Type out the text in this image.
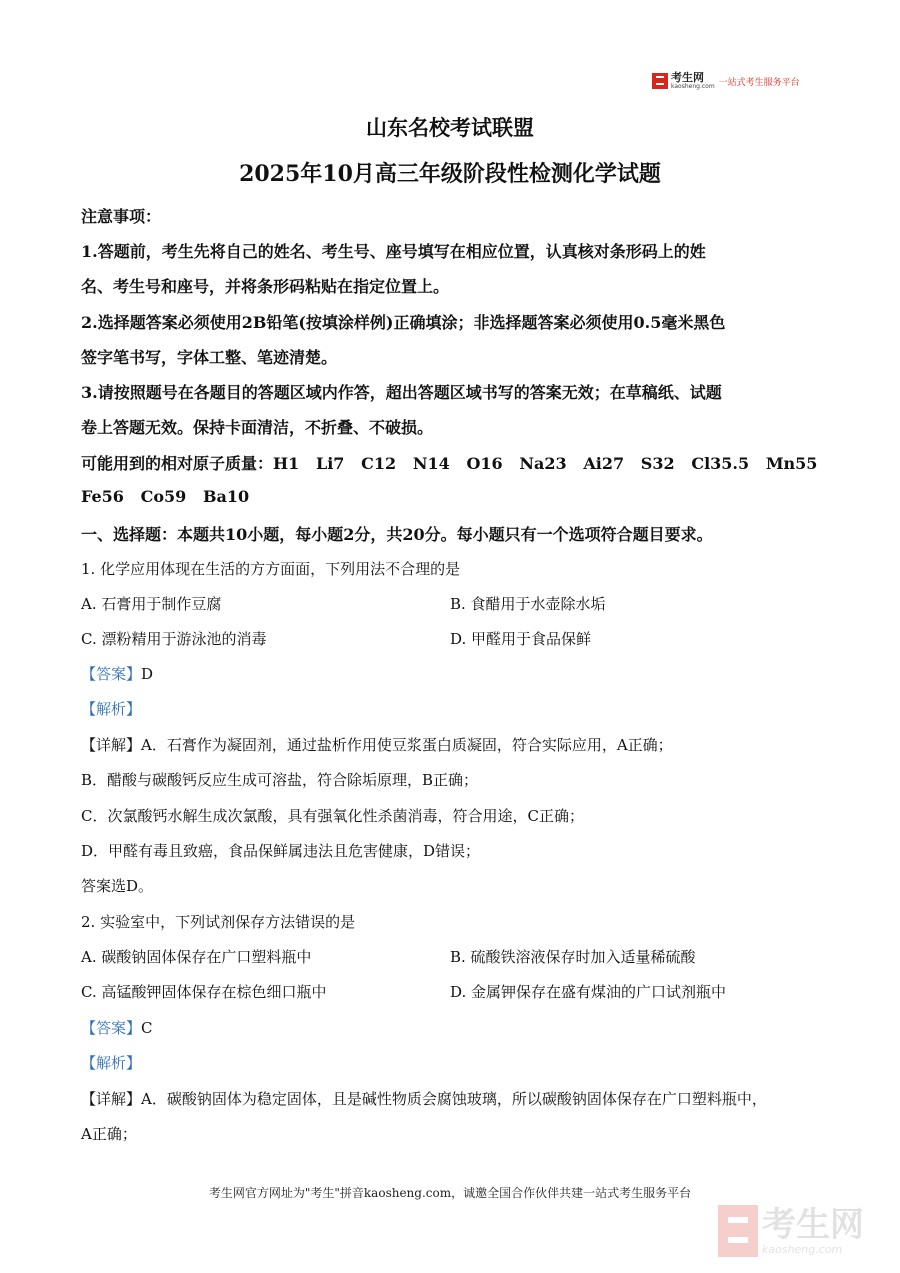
考生网
kaosheng.com 一站式考生服务平台
山东名校考试联盟
2025年10月高三年级阶段性检测化学试题
注意事项：
1.答题前，考生先将自己的姓名、考生号、座号填写在相应位置，认真核对条形码上的姓
名、考生号和座号，并将条形码粘贴在指定位置上。
2.选择题答案必须使用2B铅笔(按填涂样例)正确填涂；非选择题答案必须使用0.5毫米黑色
签字笔书写，字体工整、笔迹清楚。
3.请按照题号在各题目的答题区域内作答，超出答题区域书写的答案无效；在草稿纸、试题
卷上答题无效。保持卡面清洁，不折叠、不破损。
可能用到的相对原子质量：H1   Li7   C12   N14   O16   Na23   Ai27   S32   Cl35.5   Mn55
Fe56   Co59   Ba10
一、选择题：本题共10小题，每小题2分，共20分。每小题只有一个选项符合题目要求。
1. 化学应用体现在生活的方方面面，下列用法不合理的是
A. 石膏用于制作豆腐	B. 食醋用于水壶除水垢
C. 漂粉精用于游泳池的消毒	D. 甲醛用于食品保鲜
【答案】D
【解析】
【详解】A．石膏作为凝固剂，通过盐析作用使豆浆蛋白质凝固，符合实际应用，A正确；
B．醋酸与碳酸钙反应生成可溶盐，符合除垢原理，B正确；
C．次氯酸钙水解生成次氯酸，具有强氧化性杀菌消毒，符合用途，C正确；
D．甲醛有毒且致癌，食品保鲜属违法且危害健康，D错误；
答案选D。
2. 实验室中，下列试剂保存方法错误的是
A. 碳酸钠固体保存在广口塑料瓶中	B. 硫酸铁溶液保存时加入适量稀硫酸
C. 高锰酸钾固体保存在棕色细口瓶中	D. 金属钾保存在盛有煤油的广口试剂瓶中
【答案】C
【解析】
【详解】A．碳酸钠固体为稳定固体，且是碱性物质会腐蚀玻璃，所以碳酸钠固体保存在广口塑料瓶中，
A正确；
考生网官方网址为"考生"拼音kaosheng.com，诚邀全国合作伙伴共建一站式考生服务平台
考生网
kaosheng.com
